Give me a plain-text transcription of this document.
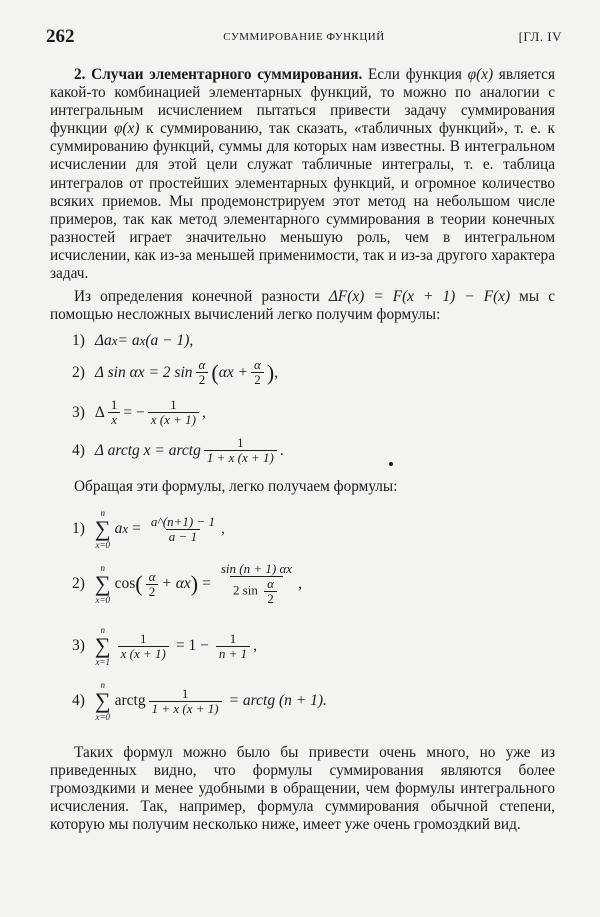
262	СУММИРОВАНИЕ ФУНКЦИЙ	[ГЛ. IV
2. Случаи элементарного суммирования. Если функция φ(x) является какой-то комбинацией элементарных функций, то можно по аналогии с интегральным исчислением пытаться привести задачу суммирования функции φ(x) к суммированию, так сказать, «табличных функций», т. е. к суммированию функций, суммы для которых нам известны. В интегральном исчислении для этой цели служат табличные интегралы, т. е. таблица интегралов от простейших элементарных функций, и огромное количество всяких приемов. Мы продемонстрируем этот метод на небольшом числе примеров, так как метод элементарного суммирования в теории конечных разностей играет значительно меньшую роль, чем в интегральном исчислении, как из-за меньшей применимости, так и из-за другого характера задач.
Из определения конечной разности ΔF(x) = F(x + 1) − F(x) мы с помощью несложных вычислений легко получим формулы:
1) Δa x = a x (a − 1),
2) Δ sin αx = 2 $\sin \frac{\alpha}{2}$ ( $\alpha x + \frac{\alpha}{2}$ ) ,
3) Δ $\frac{1}{x}$ = − $\frac{1}{x (x + 1)}$ ,
4) Δ arctg x = arctg $\frac{1}{1 + x (x + 1)}$ .
Обращая эти формулы, легко получаем формулы:
1)
n
∑
x=0
a $x = \frac{a\^{}(n+1) - 1}{a - 1}$ ,
2)
n
∑
x=0
cos ( $\frac{\alpha}{2} + \alpha x$ ) = $\frac{\sin (n + 1) \alpha x}{2 \sin \frac{\alpha}{2}}$ ,
3)
n
∑
x=1
$\frac{1}{x (x + 1)} = 1 - \frac{1}{n + 1}$ ,
4)
n
∑
x=0
arctg $\frac{1}{1 + x (x + 1)}$ = arctg (n + 1).
Таких формул можно было бы привести очень много, но уже из приведенных видно, что формулы суммирования являются более громоздкими и менее удобными в обращении, чем формулы интегрального исчисления. Так, например, формула суммирования обычной степени, которую мы получим несколько ниже, имеет уже очень громоздкий вид.
